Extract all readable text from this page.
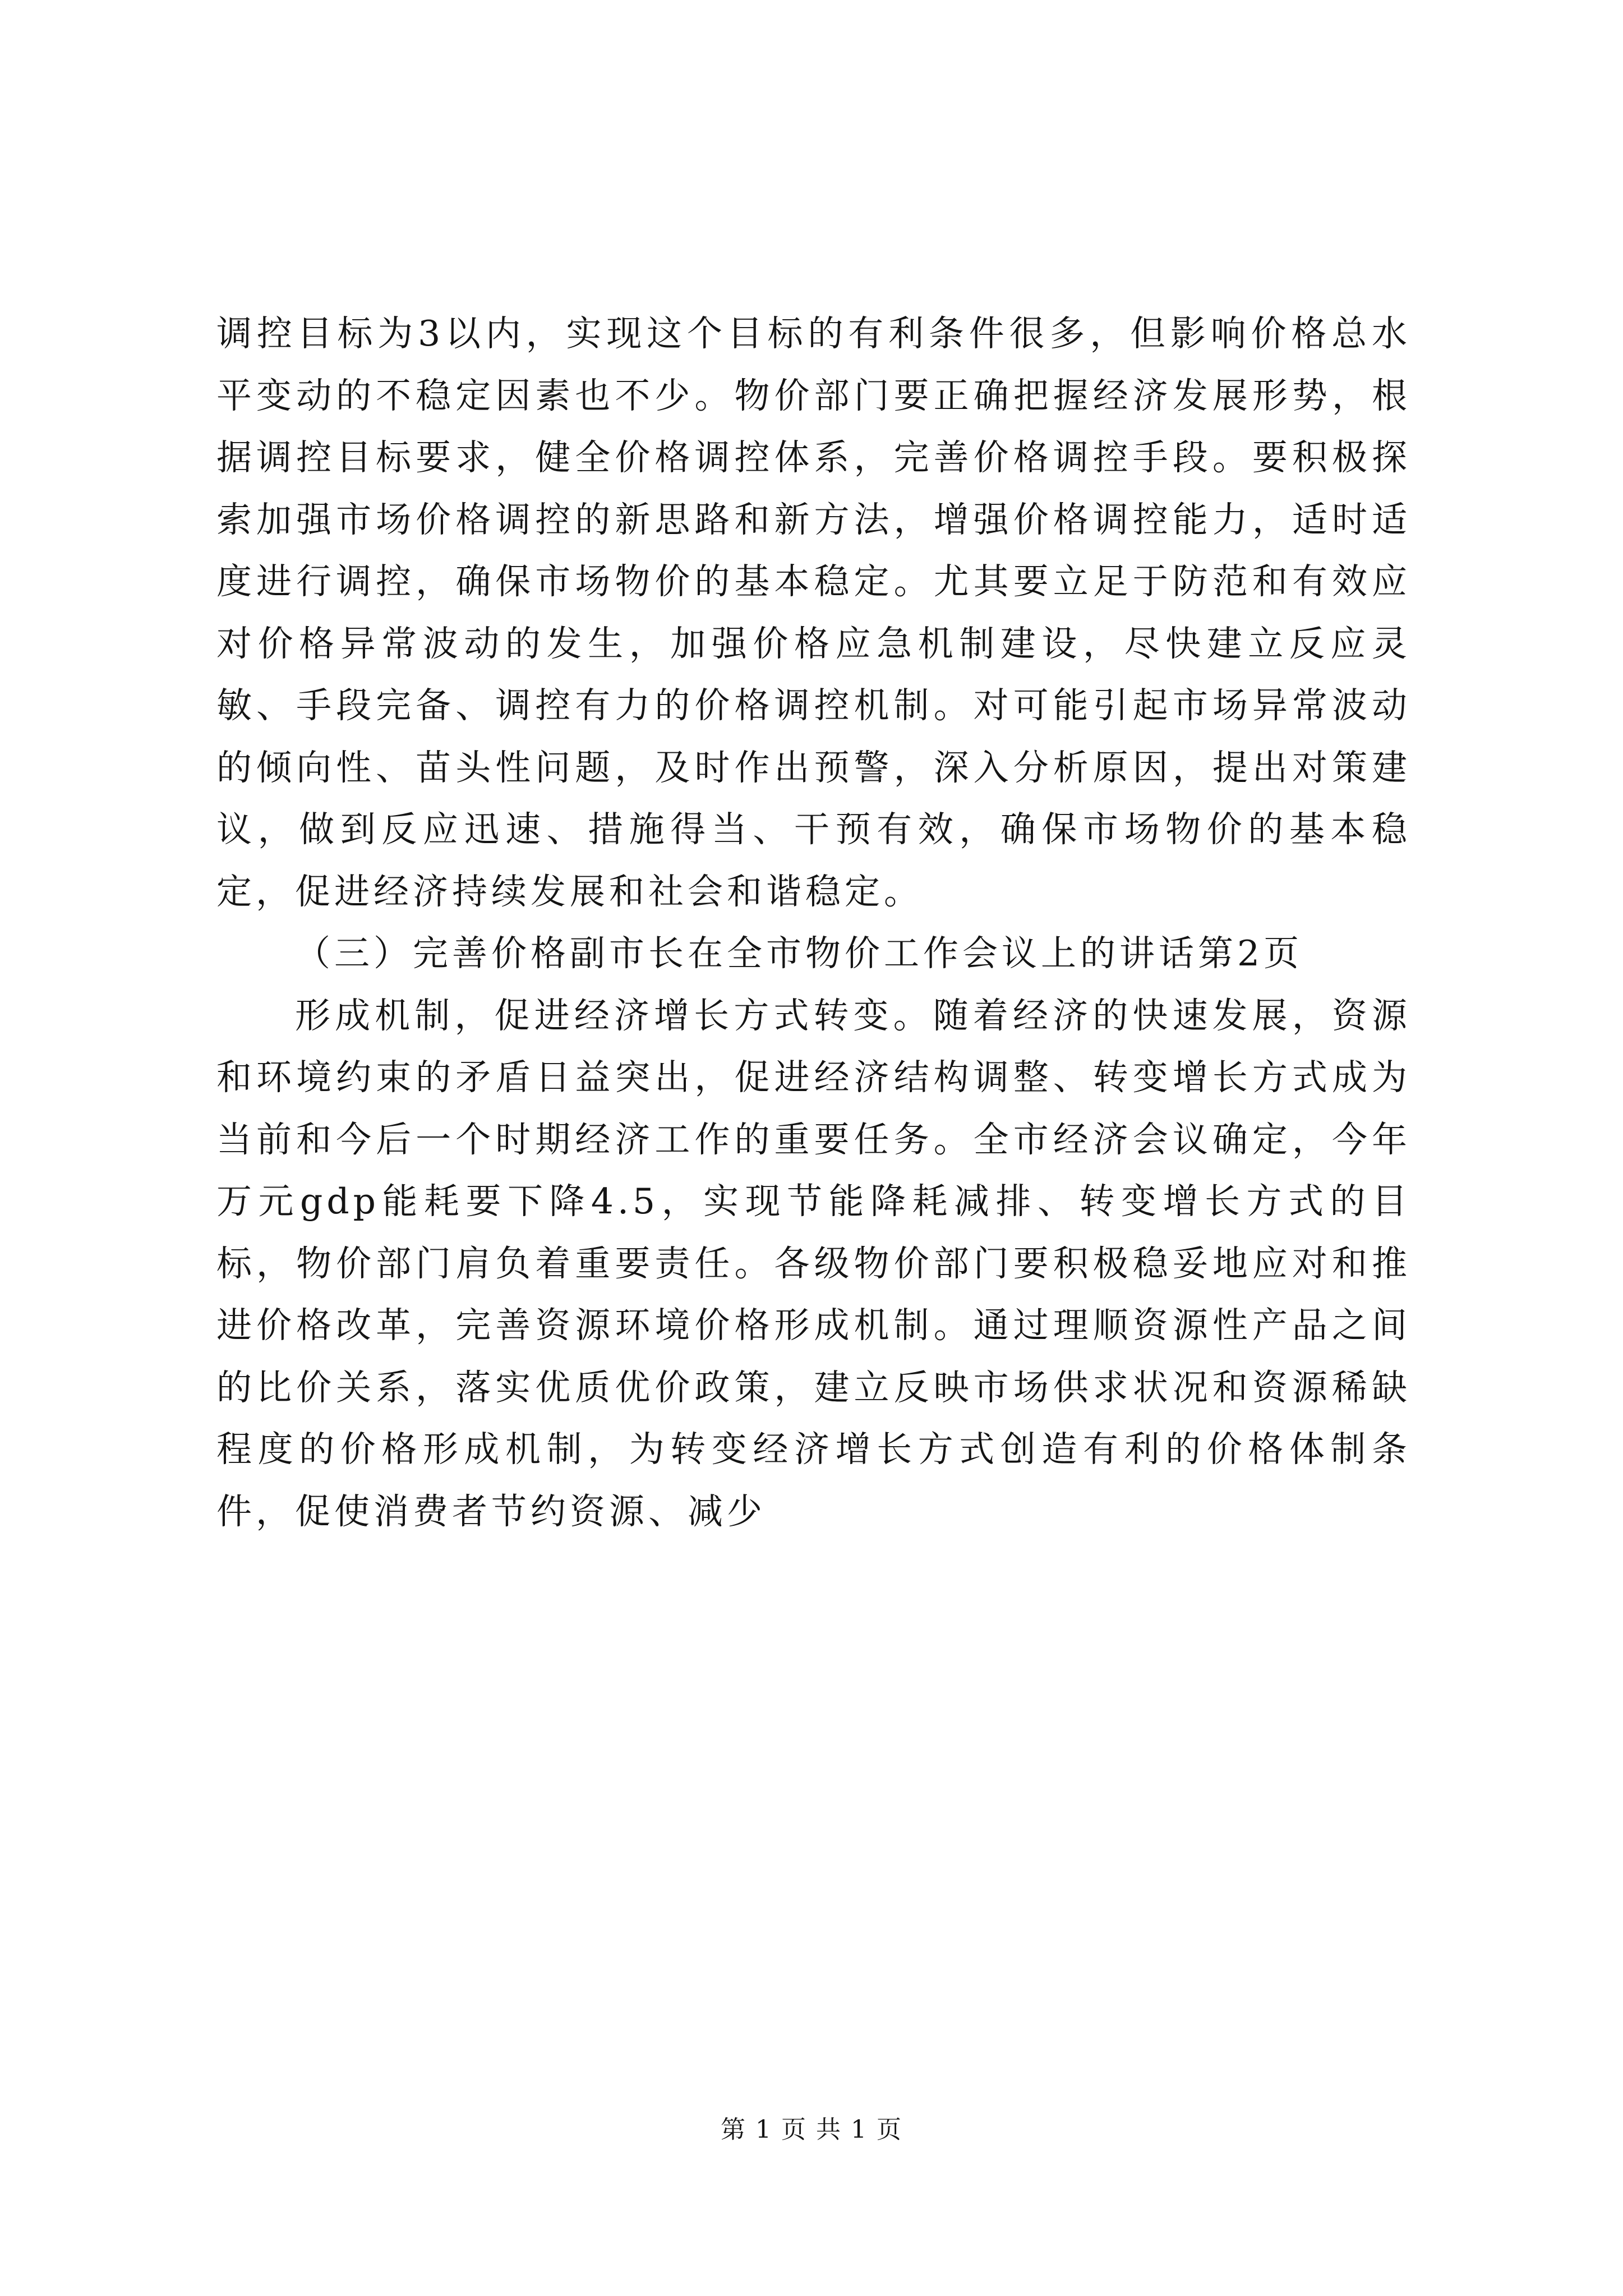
调控目标为3以内，实现这个目标的有利条件很多，但影响价格总水平变动的不稳定因素也不少。物价部门要正确把握经济发展形势，根据调控目标要求，健全价格调控体系，完善价格调控手段。要积极探索加强市场价格调控的新思路和新方法，增强价格调控能力，适时适度进行调控，确保市场物价的基本稳定。尤其要立足于防范和有效应对价格异常波动的发生，加强价格应急机制建设，尽快建立反应灵敏、手段完备、调控有力的价格调控机制。对可能引起市场异常波动的倾向性、苗头性问题，及时作出预警，深入分析原因，提出对策建议，做到反应迅速、措施得当、干预有效，确保市场物价的基本稳定，促进经济持续发展和社会和谐稳定。

（三）完善价格副市长在全市物价工作会议上的讲话第2页

形成机制，促进经济增长方式转变。随着经济的快速发展，资源和环境约束的矛盾日益突出，促进经济结构调整、转变增长方式成为当前和今后一个时期经济工作的重要任务。全市经济会议确定，今年万元gdp能耗要下降4.5，实现节能降耗减排、转变增长方式的目标，物价部门肩负着重要责任。各级物价部门要积极稳妥地应对和推进价格改革，完善资源环境价格形成机制。通过理顺资源性产品之间的比价关系，落实优质优价政策，建立反映市场供求状况和资源稀缺程度的价格形成机制，为转变经济增长方式创造有利的价格体制条件，促使消费者节约资源、减少

第 1 页 共 1 页
